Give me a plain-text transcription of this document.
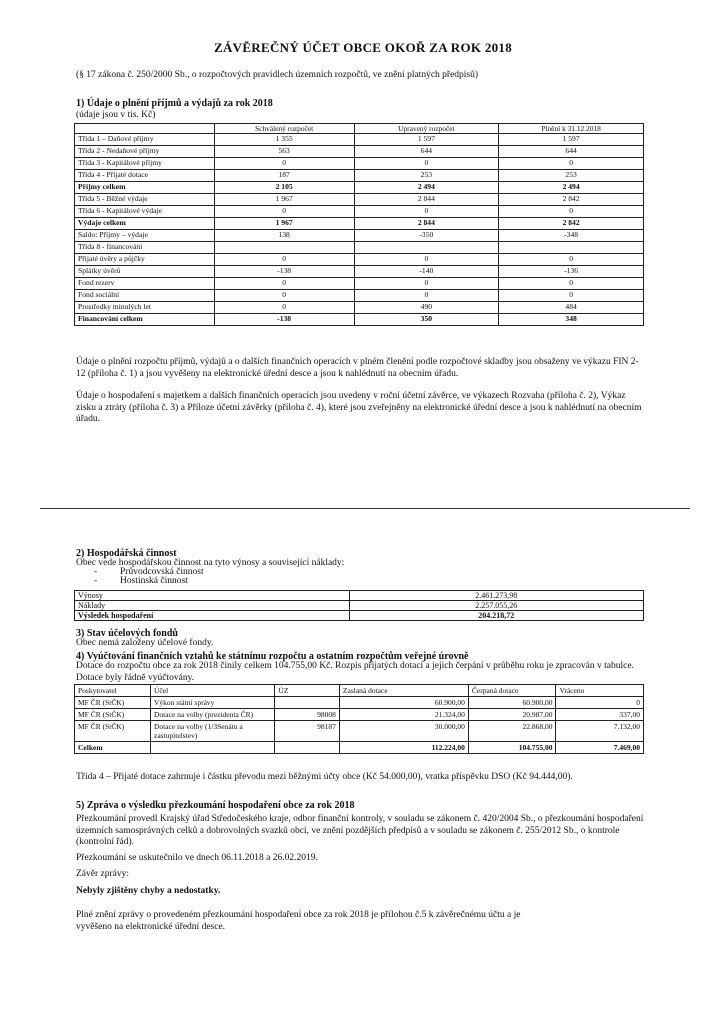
ZÁVĚREČNÝ ÚČET OBCE OKOŘ ZA ROK 2018
(§ 17 zákona č. 250/2000 Sb., o rozpočtových pravidlech územních rozpočtů, ve znění platných předpisů)
1) Údaje o plnění příjmů a výdajů za rok 2018
(údaje jsou v tis. Kč)
	Schválený rozpočet	Upravený rozpočet	Plnění k 31.12.2018
Třída 1 – Daňové příjmy	1 355	1 597	1 597
Třída 2 - Nedaňové příjmy	563	644	644
Třída 3 - Kapitálové příjmy	0	0	0
Třída 4 - Přijaté dotace	187	253	253
Příjmy celkem	2 105	2 494	2 494
Třída 5 - Běžné výdaje	1 967	2 844	2 842
Třída 6 - Kapitálové výdaje	0	0	0
Výdaje celkem	1 967	2 844	2 842
Saldo: Příjmy – výdaje	138	-350	-348
Třída 8 - financování			
Přijaté úvěry a půjčky	0	0	0
Splátky úvěrů	-138	-140	-136
Fond rezerv	0	0	0
Fond sociální	0	0	0
Prostředky minulých let	0	490	484
Financování celkem	-138	350	348
Údaje o plnění rozpočtu příjmů, výdajů a o dalších finančních operacích v plném členění podle rozpočtové skladby jsou obsaženy ve výkazu FIN 2-12 (příloha č. 1) a jsou vyvěšeny na elektronické úřední desce a jsou k nahlédnutí na obecním úřadu.
Údaje o hospodaření s majetkem a dalších finančních operacích jsou uvedeny v roční účetní závěrce, ve výkazech Rozvaha (příloha č. 2), Výkaz zisku a ztráty (příloha č. 3) a Příloze účetní závěrky (příloha č. 4), které jsou zveřejněny na elektronické úřední desce a jsou k nahlédnutí na obecním úřadu.
2) Hospodářská činnost
Obec vede hospodářskou činnost na tyto výnosy a související náklady:
- Průvodcovská činnost
- Hostinská činnost
Výnosy	2.461.273,98
Náklady	2.257.055,26
Výsledek hospodaření	204.218,72
3) Stav účelových fondů
Obec nemá založeny účelové fondy.
4) Vyúčtování finančních vztahů ke státnímu rozpočtu a ostatním rozpočtům veřejné úrovně
Dotace do rozpočtu obce za rok 2018 činily celkem 104.755,00 Kč. Rozpis přijatých dotací a jejich čerpání v průběhu roku je zpracován v tabulce. Dotace byly řádně vyúčtovány.
Poskytovatel	Účel	ÚZ	Zaslaná dotace	Čerpaná dotace	Vráceno
MF ČR (StČK)	Výkon státní správy		60.900,00	60.900,00	0
MF ČR (StČK)	Dotace na volby (prezidenta ČR)	98008	21.324,00	20.987,00	337,00
MF ČR (StČK)	Dotace na volby (1/3Senátu a zastupitelstev)	98187	30.000,00	22.868,00	7.132,00
Celkem			112.224,00	104.755,00	7.469,00
Třída 4 – Přijaté dotace zahrnuje i částku převodu mezi běžnými účty obce (Kč 54.000,00), vratka příspěvku DSO (Kč 94.444,00).
5) Zpráva o výsledku přezkoumání hospodaření obce za rok 2018
Přezkoumání provedl Krajský úřad Středočeského kraje, odbor finanční kontroly, v souladu se zákonem č. 420/2004 Sb., o přezkoumání hospodaření územních samosprávných celků a dobrovolných svazků obcí, ve znění pozdějších předpisů a v souladu se zákonem č. 255/2012 Sb., o kontrole (kontrolní řád).
Přezkoumání se uskutečnilo ve dnech 06.11.2018 a 26.02.2019.
Závěr zprávy:
Nebyly zjištěny chyby a nedostatky.
Plné znění zprávy o provedeném přezkoumání hospodaření obce za rok 2018 je přílohou č.5 k závěrečnému účtu a je vyvěšeno na elektronické úřední desce.
